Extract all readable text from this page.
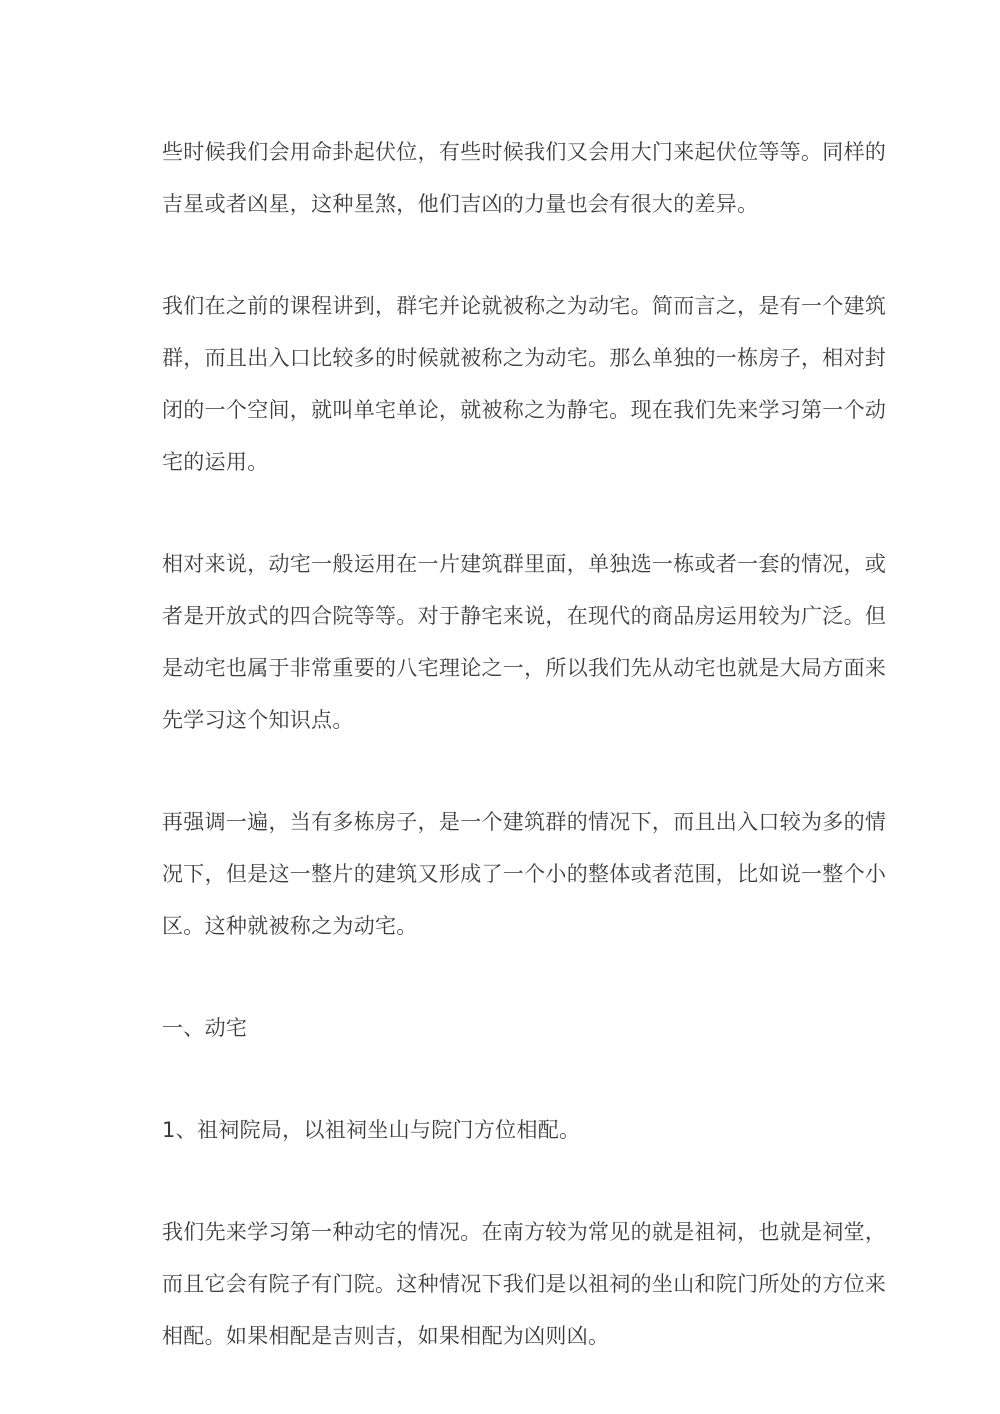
些时候我们会用命卦起伏位，有些时候我们又会用大门来起伏位等等。同样的
吉星或者凶星，这种星煞，他们吉凶的力量也会有很大的差异。

我们在之前的课程讲到，群宅并论就被称之为动宅。简而言之，是有一个建筑
群，而且出入口比较多的时候就被称之为动宅。那么单独的一栋房子，相对封
闭的一个空间，就叫单宅单论，就被称之为静宅。现在我们先来学习第一个动
宅的运用。

相对来说，动宅一般运用在一片建筑群里面，单独选一栋或者一套的情况，或
者是开放式的四合院等等。对于静宅来说，在现代的商品房运用较为广泛。但
是动宅也属于非常重要的八宅理论之一，所以我们先从动宅也就是大局方面来
先学习这个知识点。

再强调一遍，当有多栋房子，是一个建筑群的情况下，而且出入口较为多的情
况下，但是这一整片的建筑又形成了一个小的整体或者范围，比如说一整个小
区。这种就被称之为动宅。

一、动宅

1、祖祠院局，以祖祠坐山与院门方位相配。

我们先来学习第一种动宅的情况。在南方较为常见的就是祖祠，也就是祠堂，
而且它会有院子有门院。这种情况下我们是以祖祠的坐山和院门所处的方位来
相配。如果相配是吉则吉，如果相配为凶则凶。
